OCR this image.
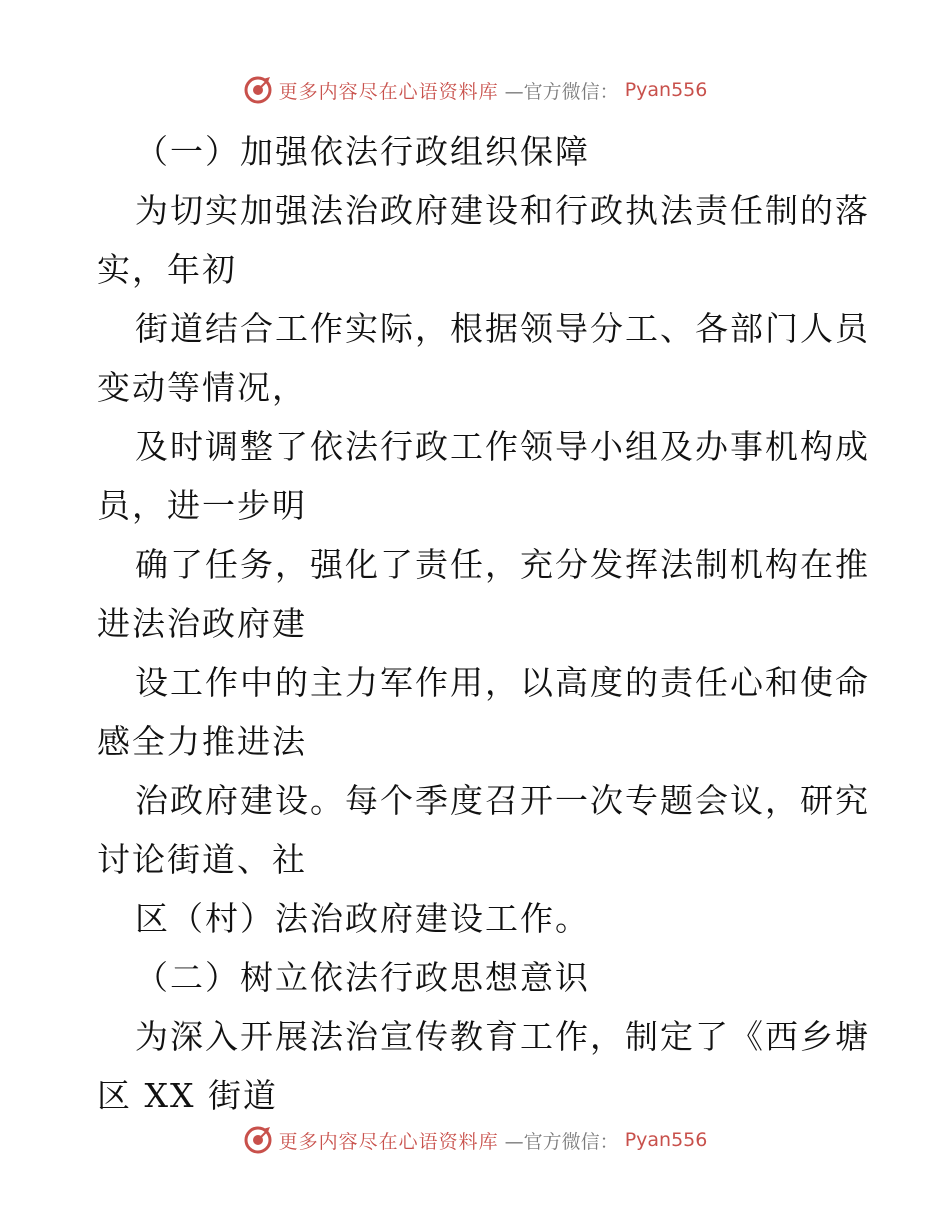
更多内容尽在心语资料库 —官方微信： Pyan556
（一）加强依法行政组织保障
为切实加强法治政府建设和行政执法责任制的落
实，年初
街道结合工作实际，根据领导分工、各部门人员
变动等情况，
及时调整了依法行政工作领导小组及办事机构成
员，进一步明
确了任务，强化了责任，充分发挥法制机构在推
进法治政府建
设工作中的主力军作用，以高度的责任心和使命
感全力推进法
治政府建设。每个季度召开一次专题会议，研究
讨论街道、社
区（村）法治政府建设工作。
（二）树立依法行政思想意识
为深入开展法治宣传教育工作，制定了《西乡塘
区 XX 街道
更多内容尽在心语资料库 —官方微信： Pyan556
